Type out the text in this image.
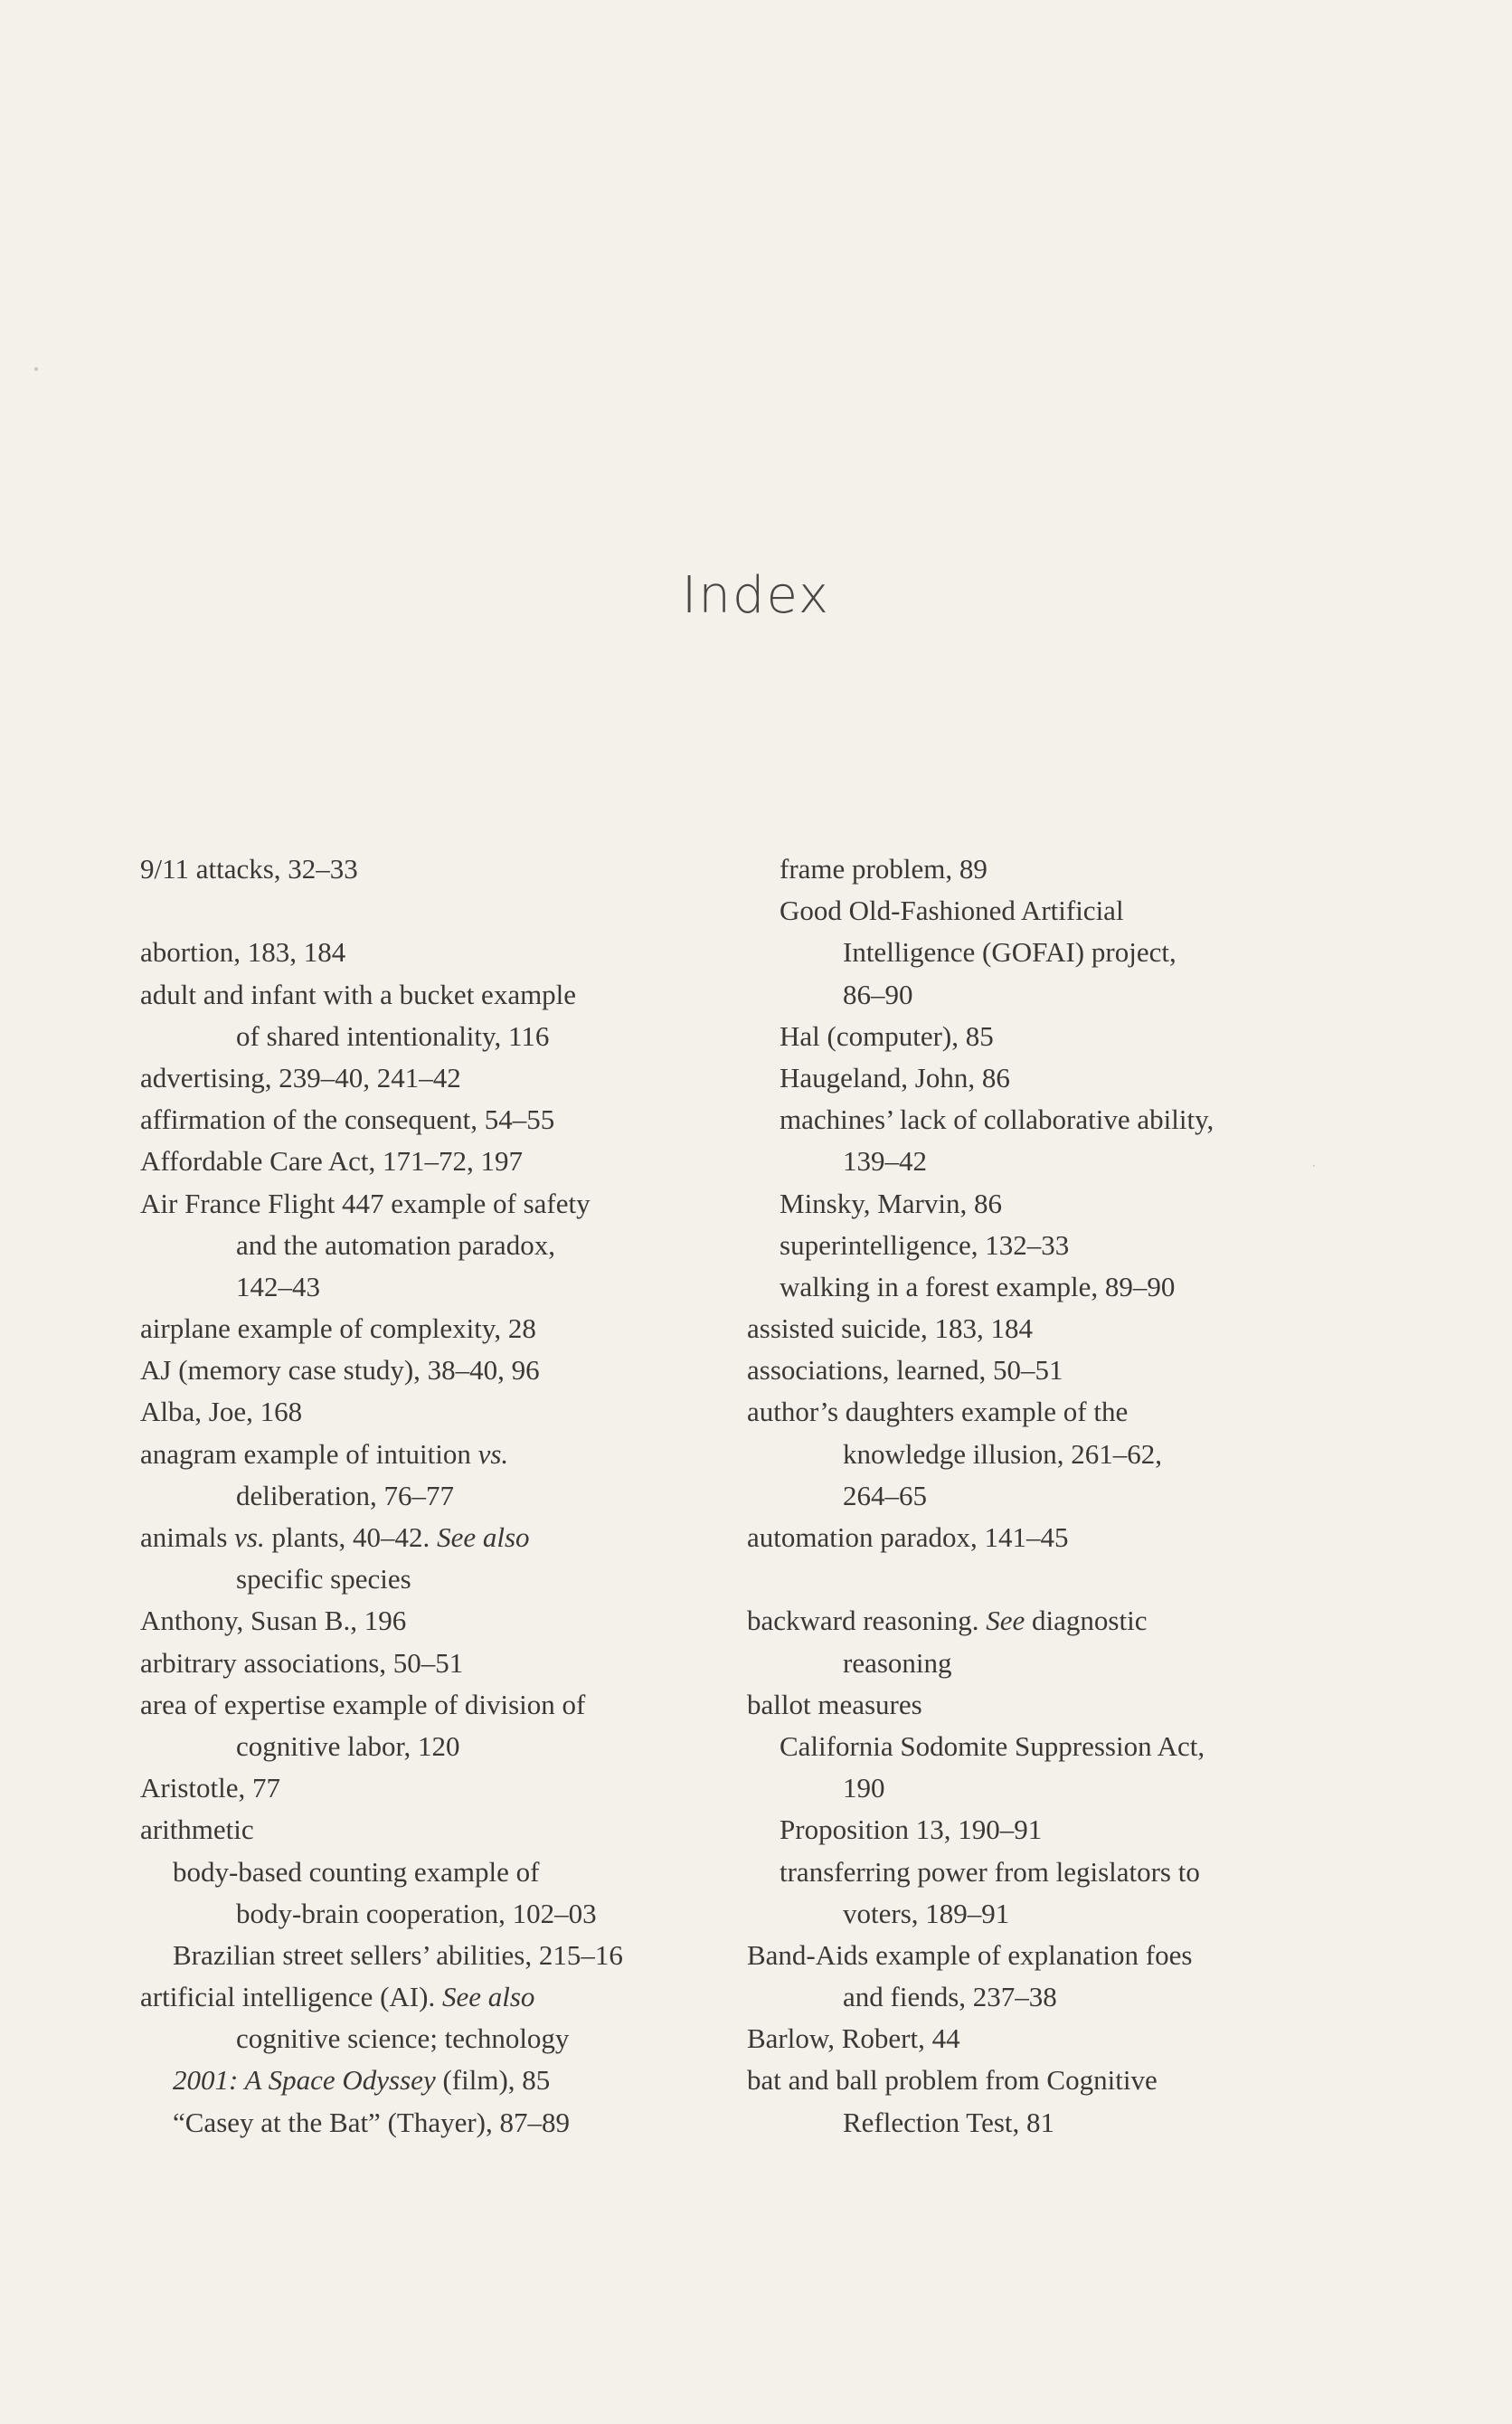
Index
9/11 attacks, 32–33
abortion, 183, 184
adult and infant with a bucket example
of shared intentionality, 116
advertising, 239–40, 241–42
affirmation of the consequent, 54–55
Affordable Care Act, 171–72, 197
Air France Flight 447 example of safety
and the automation paradox,
142–43
airplane example of complexity, 28
AJ (memory case study), 38–40, 96
Alba, Joe, 168
anagram example of intuition vs.
deliberation, 76–77
animals vs. plants, 40–42. See also
specific species
Anthony, Susan B., 196
arbitrary associations, 50–51
area of expertise example of division of
cognitive labor, 120
Aristotle, 77
arithmetic
body-based counting example of
body-brain cooperation, 102–03
Brazilian street sellers’ abilities, 215–16
artificial intelligence (AI). See also
cognitive science; technology
2001: A Space Odyssey (film), 85
“Casey at the Bat” (Thayer), 87–89
frame problem, 89
Good Old-Fashioned Artificial
Intelligence (GOFAI) project,
86–90
Hal (computer), 85
Haugeland, John, 86
machines’ lack of collaborative ability,
139–42
Minsky, Marvin, 86
superintelligence, 132–33
walking in a forest example, 89–90
assisted suicide, 183, 184
associations, learned, 50–51
author’s daughters example of the
knowledge illusion, 261–62,
264–65
automation paradox, 141–45
backward reasoning. See diagnostic
reasoning
ballot measures
California Sodomite Suppression Act,
190
Proposition 13, 190–91
transferring power from legislators to
voters, 189–91
Band-Aids example of explanation foes
and fiends, 237–38
Barlow, Robert, 44
bat and ball problem from Cognitive
Reflection Test, 81
